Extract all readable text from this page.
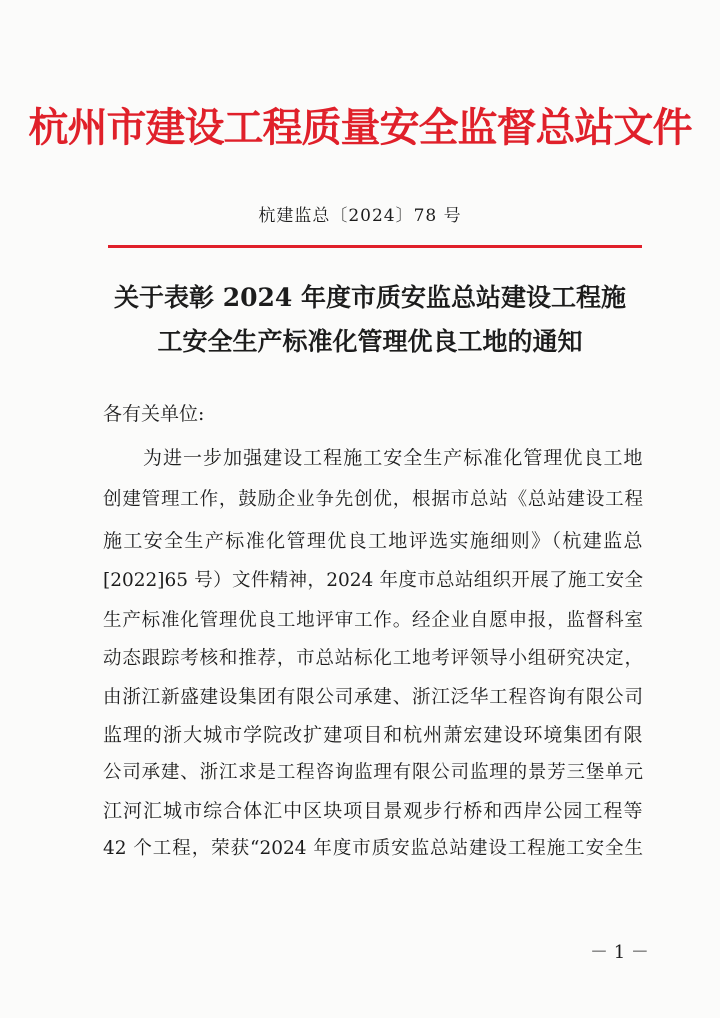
杭州市建设工程质量安全监督总站文件
杭建监总〔2024〕78 号
关于表彰 2024 年度市质安监总站建设工程施
工安全生产标准化管理优良工地的通知
各有关单位:
为进一步加强建设工程施工安全生产标准化管理优良工地
创建管理工作，鼓励企业争先创优，根据市总站《总站建设工程
施工安全生产标准化管理优良工地评选实施细则》（杭建监总
[2022]65 号）文件精神，2024 年度市总站组织开展了施工安全
生产标准化管理优良工地评审工作。经企业自愿申报，监督科室
动态跟踪考核和推荐，市总站标化工地考评领导小组研究决定，
由浙江新盛建设集团有限公司承建、浙江泛华工程咨询有限公司
监理的浙大城市学院改扩建项目和杭州萧宏建设环境集团有限
公司承建、浙江求是工程咨询监理有限公司监理的景芳三堡单元
江河汇城市综合体汇中区块项目景观步行桥和西岸公园工程等
42 个工程，荣获“2024 年度市质安监总站建设工程施工安全生
－ 1 －
